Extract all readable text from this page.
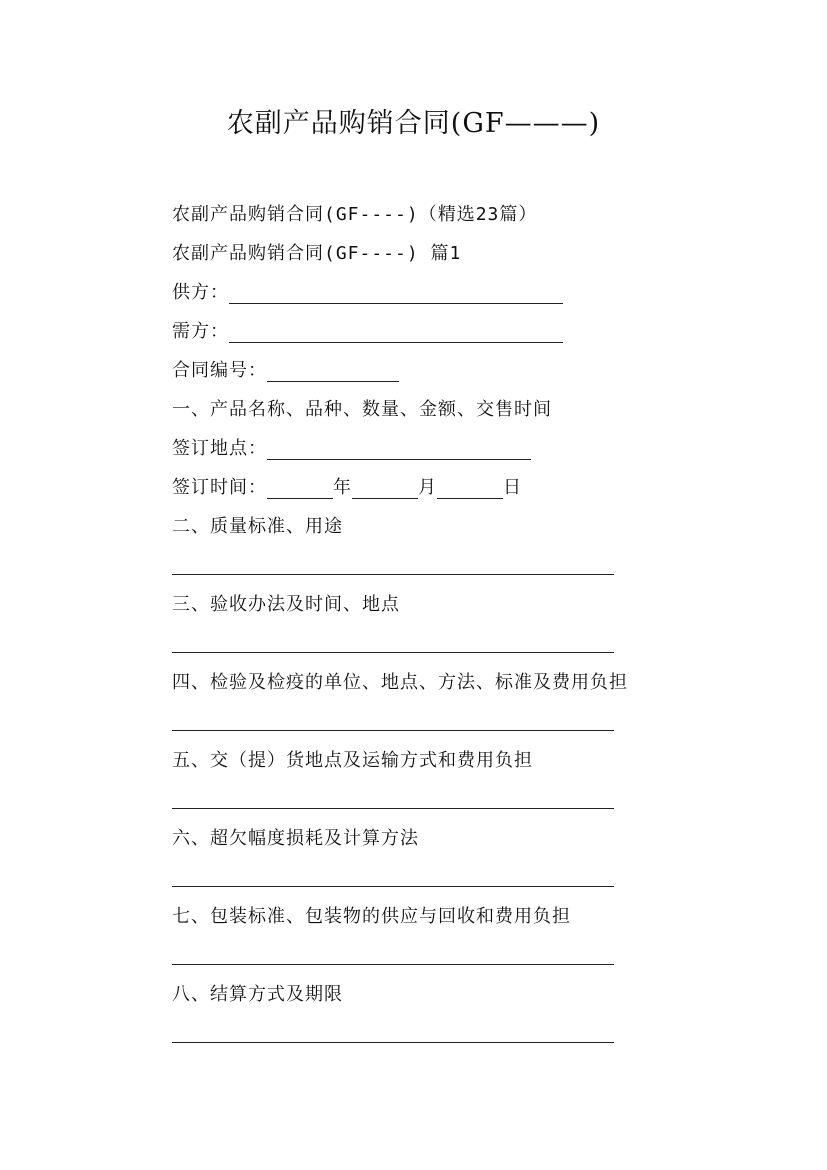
农副产品购销合同(GF———)
农副产品购销合同(GF----)（精选23篇）
农副产品购销合同(GF----) 篇1
供方：
需方：
合同编号：
一、产品名称、品种、数量、金额、交售时间
签订地点：
签订时间：	年	月	日
二、质量标准、用途
三、验收办法及时间、地点
四、检验及检疫的单位、地点、方法、标准及费用负担
五、交（提）货地点及运输方式和费用负担
六、超欠幅度损耗及计算方法
七、包装标准、包装物的供应与回收和费用负担
八、结算方式及期限
